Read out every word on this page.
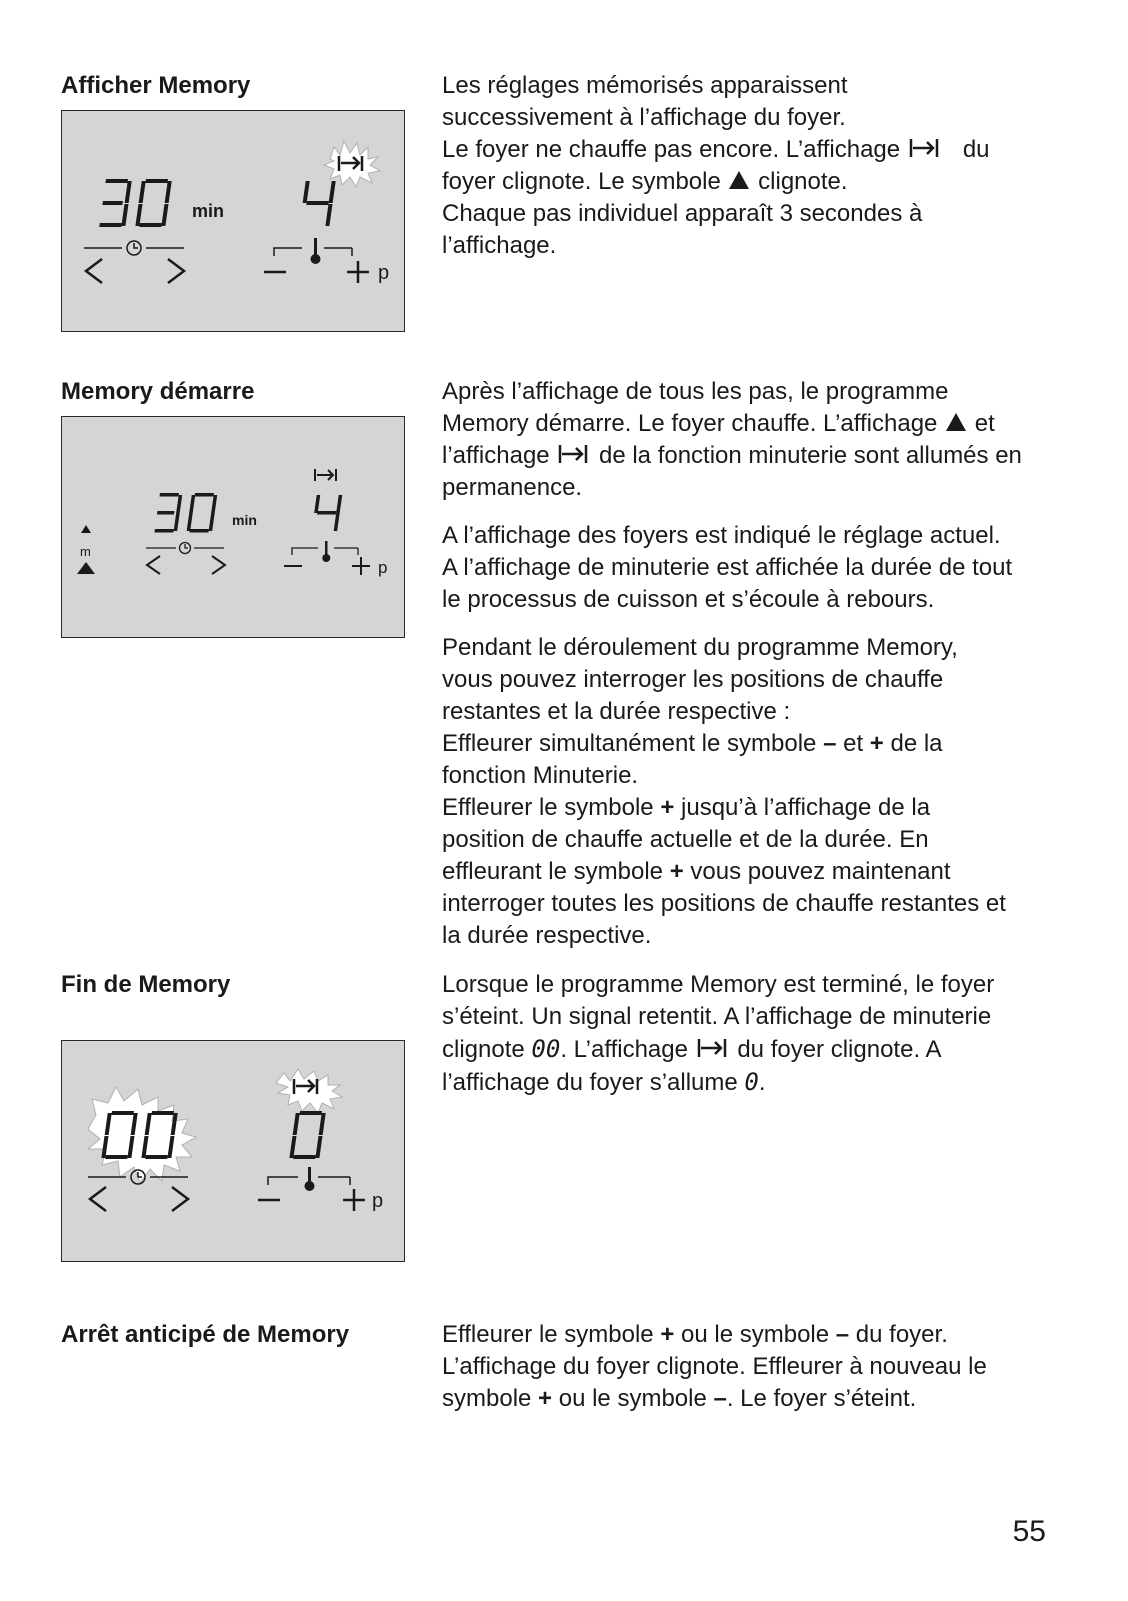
Afficher Memory
min
p
Les réglages mémorisés apparaissent
successivement à l’affichage du foyer.
Le foyer ne chauffe pas encore. L’affichage	du
foyer clignote. Le symbole clignote.
Chaque pas individuel apparaît 3 secondes à
l’affichage.
Memory démarre
m
min
p

Après l’affichage de tous les pas, le programme
Memory démarre. Le foyer chauffe. L’affichage et
l’affichage de la fonction minuterie sont allumés en
permanence.

A l’affichage des foyers est indiqué le réglage actuel.
A l’affichage de minuterie est affichée la durée de tout
le processus de cuisson et s’écoule à rebours.

Pendant le déroulement du programme Memory,
vous pouvez interroger les positions de chauffe
restantes et la durée respective :
Effleurer simultanément le symbole – et + de la
fonction Minuterie.
Effleurer le symbole + jusqu’à l’affichage de la
position de chauffe actuelle et de la durée. En
effleurant le symbole + vous pouvez maintenant
interroger toutes les positions de chauffe restantes et
la durée respective.

Fin de Memory
p
Lorsque le programme Memory est terminé, le foyer
s’éteint. Un signal retentit. A l’affichage de minuterie
clignote 00. L’affichage du foyer clignote. A
l’affichage du foyer s’allume 0.
Arrêt anticipé de Memory	Effleurer le symbole + ou le symbole – du foyer.
L’affichage du foyer clignote. Effleurer à nouveau le
symbole + ou le symbole –. Le foyer s’éteint.
55
